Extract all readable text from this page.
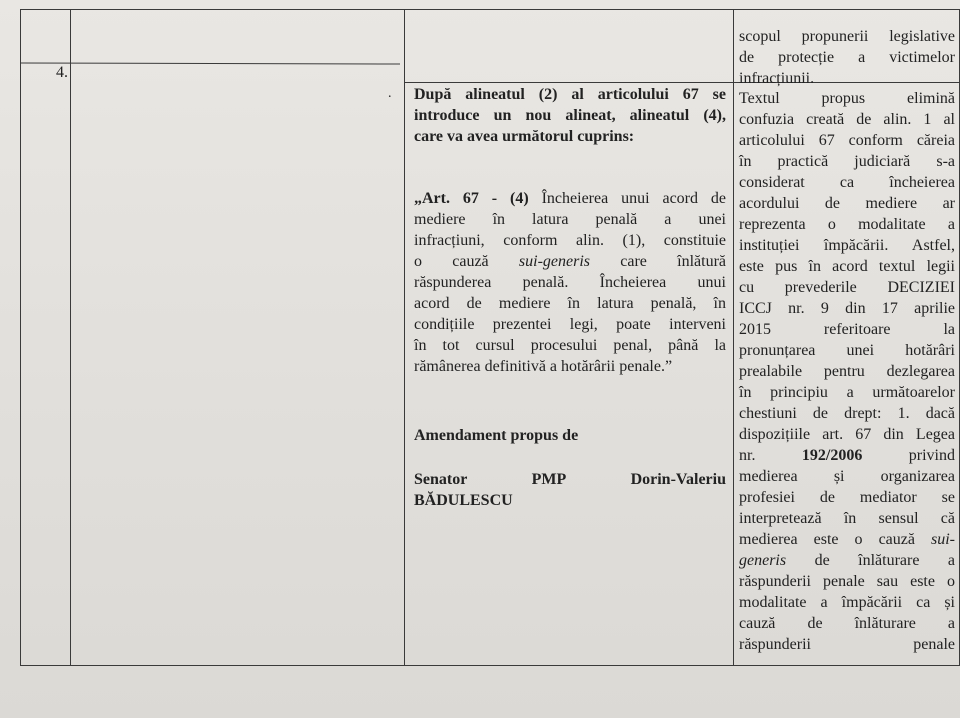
4.
. După alineatul (2) al articolului 67 se
introduce un nou alineat, alineatul (4),
care va avea următorul cuprins:
„Art. 67 - (4) Încheierea unui acord de
mediere în latura penală a unei
infracțiuni, conform alin. (1), constituie
o cauză sui-generis care înlătură
răspunderea penală. Încheierea unui
acord de mediere în latura penală, în
condițiile prezentei legi, poate interveni
în tot cursul procesului penal, până la
rămânerea definitivă a hotărârii penale.”
Amendament propus de
Senator	PMP	Dorin-Valeriu
BĂDULESCU
scopul propunerii legislative
de protecție a victimelor
infracțiunii.
Textul propus elimină
confuzia creată de alin. 1 al
articolului 67 conform căreia
în practică judiciară s-a
considerat ca încheierea
acordului de mediere ar
reprezenta o modalitate a
instituției împăcării. Astfel,
este pus în acord textul legii
cu prevederile DECIZIEI
ICCJ nr. 9 din 17 aprilie
2015 referitoare la
pronunțarea unei hotărâri
prealabile pentru dezlegarea
în principiu a următoarelor
chestiuni de drept: 1. dacă
dispozițiile art. 67 din Legea
nr. 192/2006 privind
medierea și organizarea
profesiei de mediator se
interpretează în sensul că
medierea este o cauză sui-
generis de înlăturare a
răspunderii penale sau este o
modalitate a împăcării ca și
cauză de înlăturare a
răspunderii penale
